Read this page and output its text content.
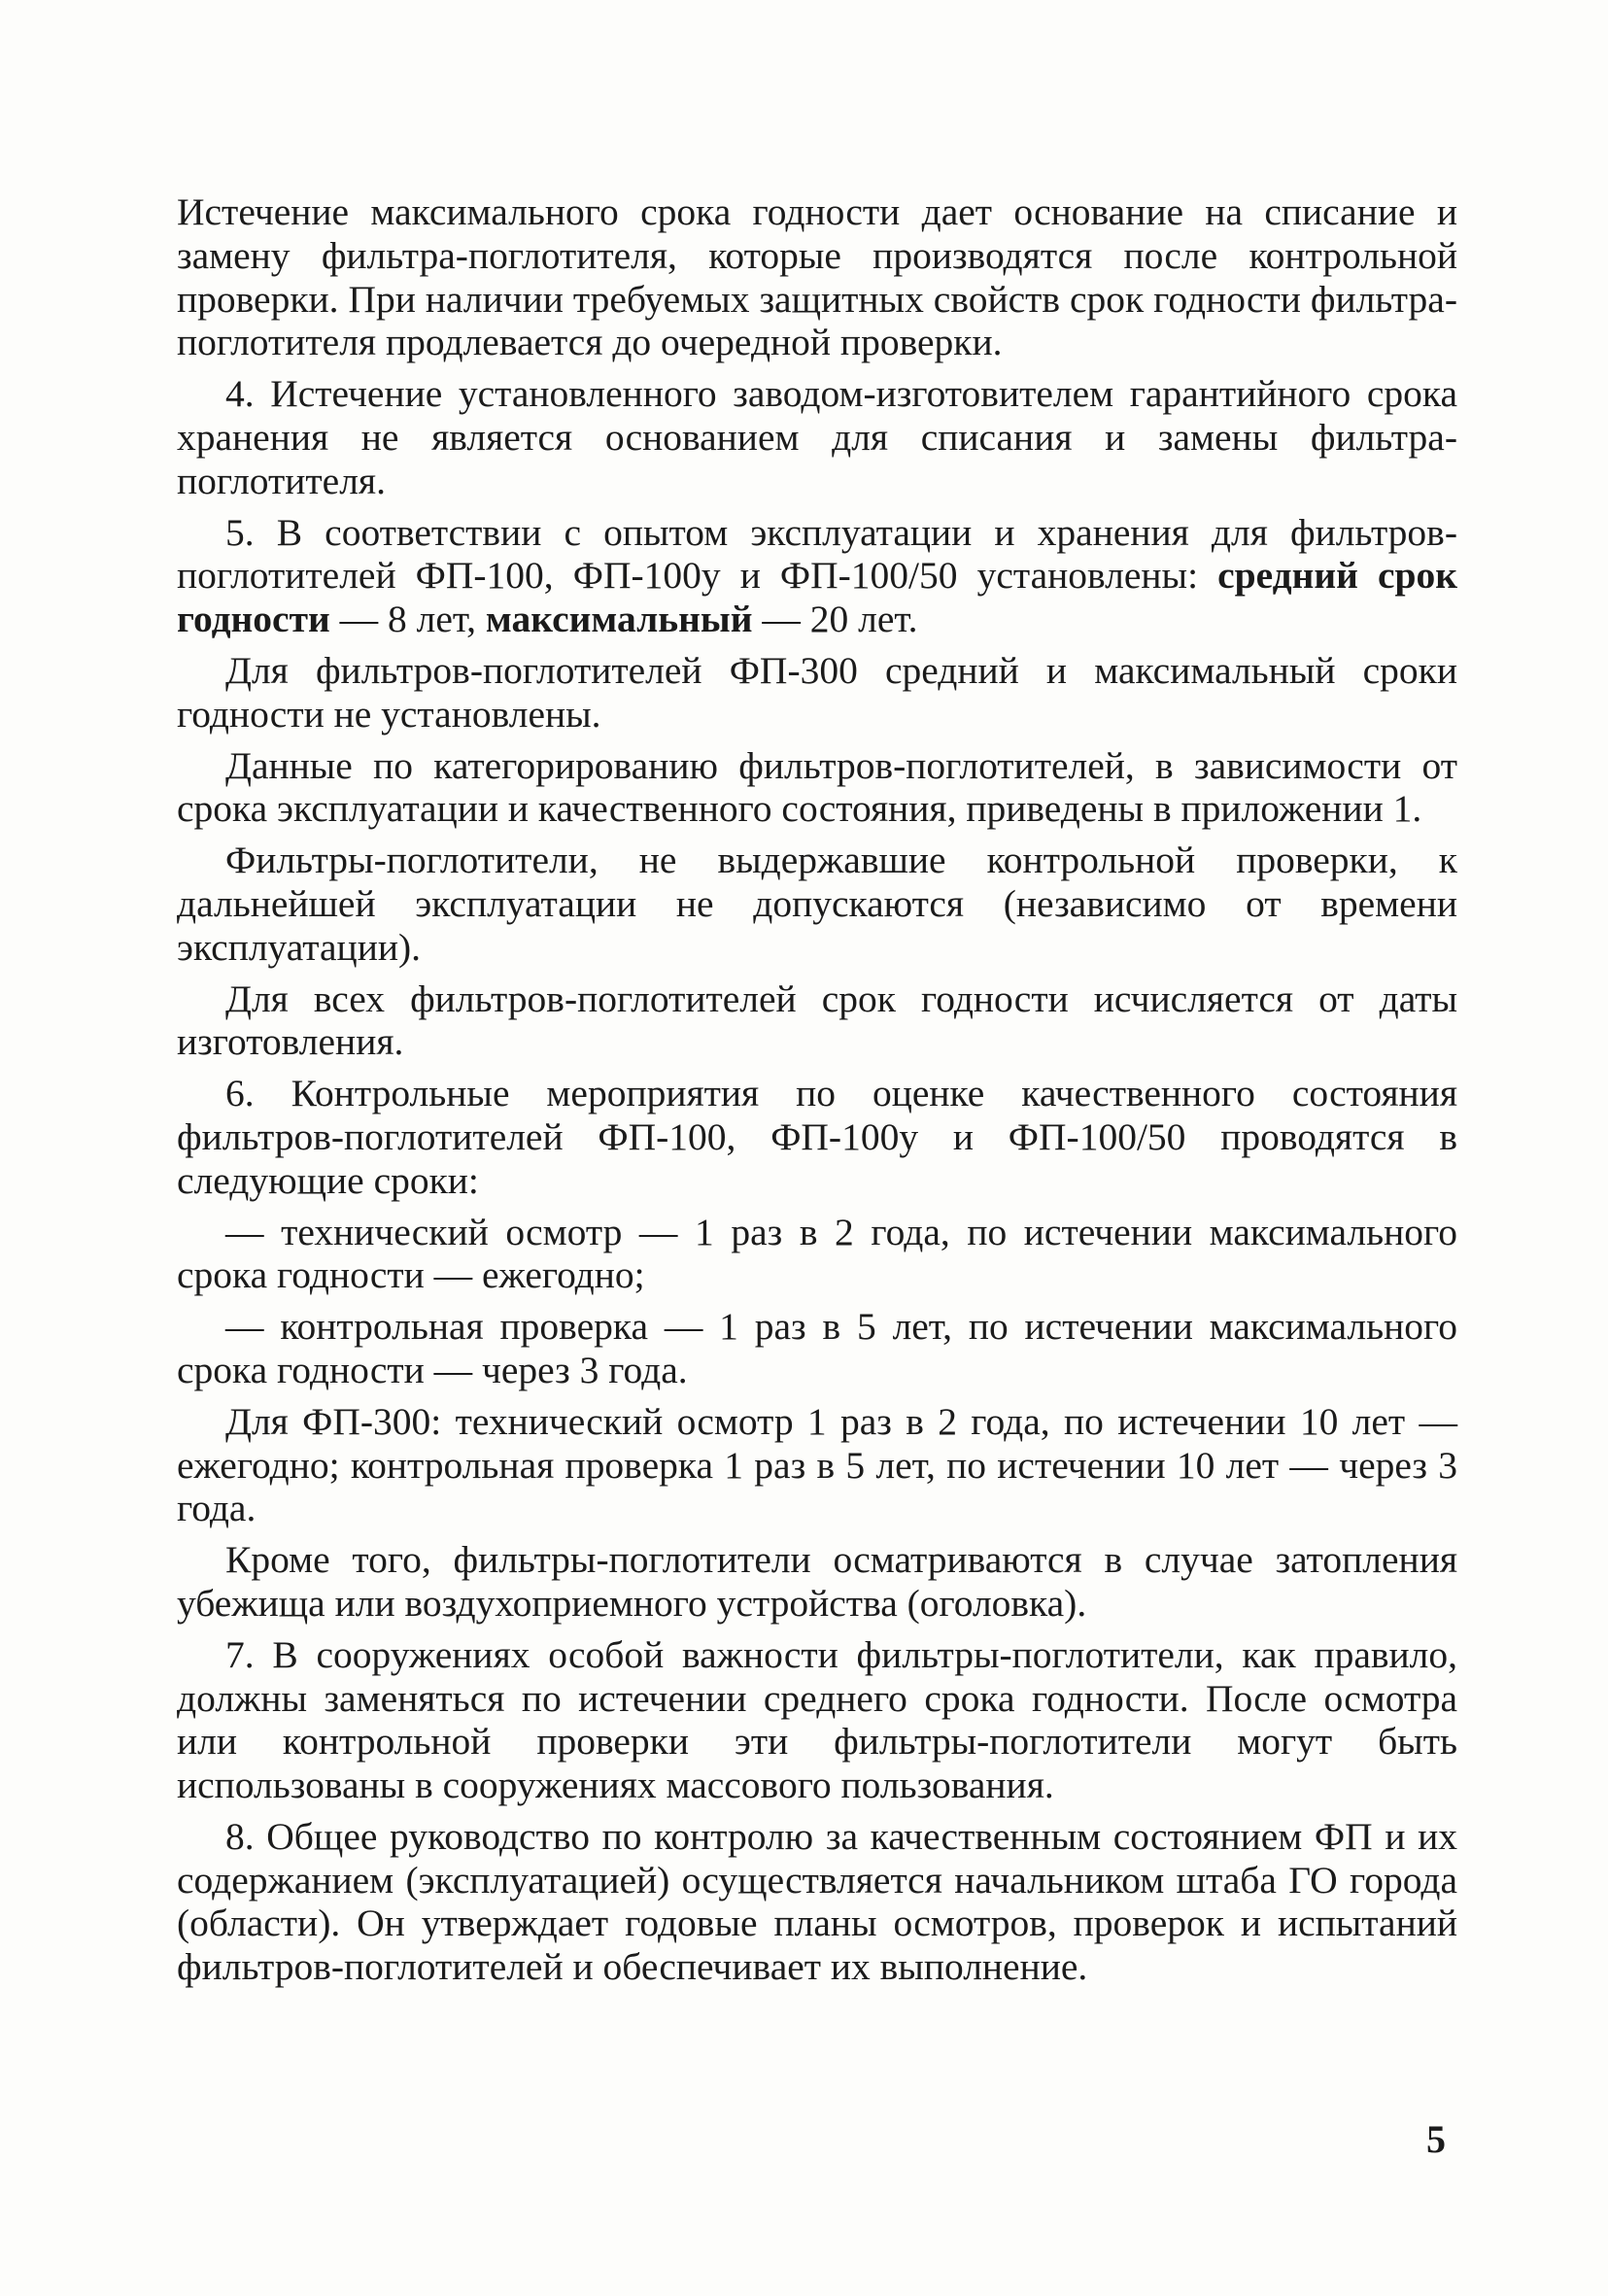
Истечение максимального срока годности дает основание на списание и замену фильтра-поглотителя, которые производятся после контрольной проверки. При наличии требуемых защитных свойств срок годности фильтра-поглотителя продлевается до очередной проверки.

4. Истечение установленного заводом-изготовителем гарантийного срока хранения не является основанием для списания и замены фильтра-поглотителя.

5. В соответствии с опытом эксплуатации и хранения для фильтров-поглотителей ФП-100, ФП-100у и ФП-100/50 установлены: средний срок годности — 8 лет, максимальный — 20 лет.

Для фильтров-поглотителей ФП-300 средний и максимальный сроки годности не установлены.

Данные по категорированию фильтров-поглотителей, в зависимости от срока эксплуатации и качественного состояния, приведены в приложении 1.

Фильтры-поглотители, не выдержавшие контрольной проверки, к дальнейшей эксплуатации не допускаются (независимо от времени эксплуатации).

Для всех фильтров-поглотителей срок годности исчисляется от даты изготовления.

6. Контрольные мероприятия по оценке качественного состояния фильтров-поглотителей ФП-100, ФП-100у и ФП-100/50 проводятся в следующие сроки:

— технический осмотр — 1 раз в 2 года, по истечении максимального срока годности — ежегодно;

— контрольная проверка — 1 раз в 5 лет, по истечении максимального срока годности — через 3 года.

Для ФП-300: технический осмотр 1 раз в 2 года, по истечении 10 лет — ежегодно; контрольная проверка 1 раз в 5 лет, по истечении 10 лет — через 3 года.

Кроме того, фильтры-поглотители осматриваются в случае затопления убежища или воздухоприемного устройства (оголовка).

7. В сооружениях особой важности фильтры-поглотители, как правило, должны заменяться по истечении среднего срока годности. После осмотра или контрольной проверки эти фильтры-поглотители могут быть использованы в сооружениях массового пользования.

8. Общее руководство по контролю за качественным состоянием ФП и их содержанием (эксплуатацией) осуществляется начальником штаба ГО города (области). Он утверждает годовые планы осмотров, проверок и испытаний фильтров-поглотителей и обеспечивает их выполнение.

5
